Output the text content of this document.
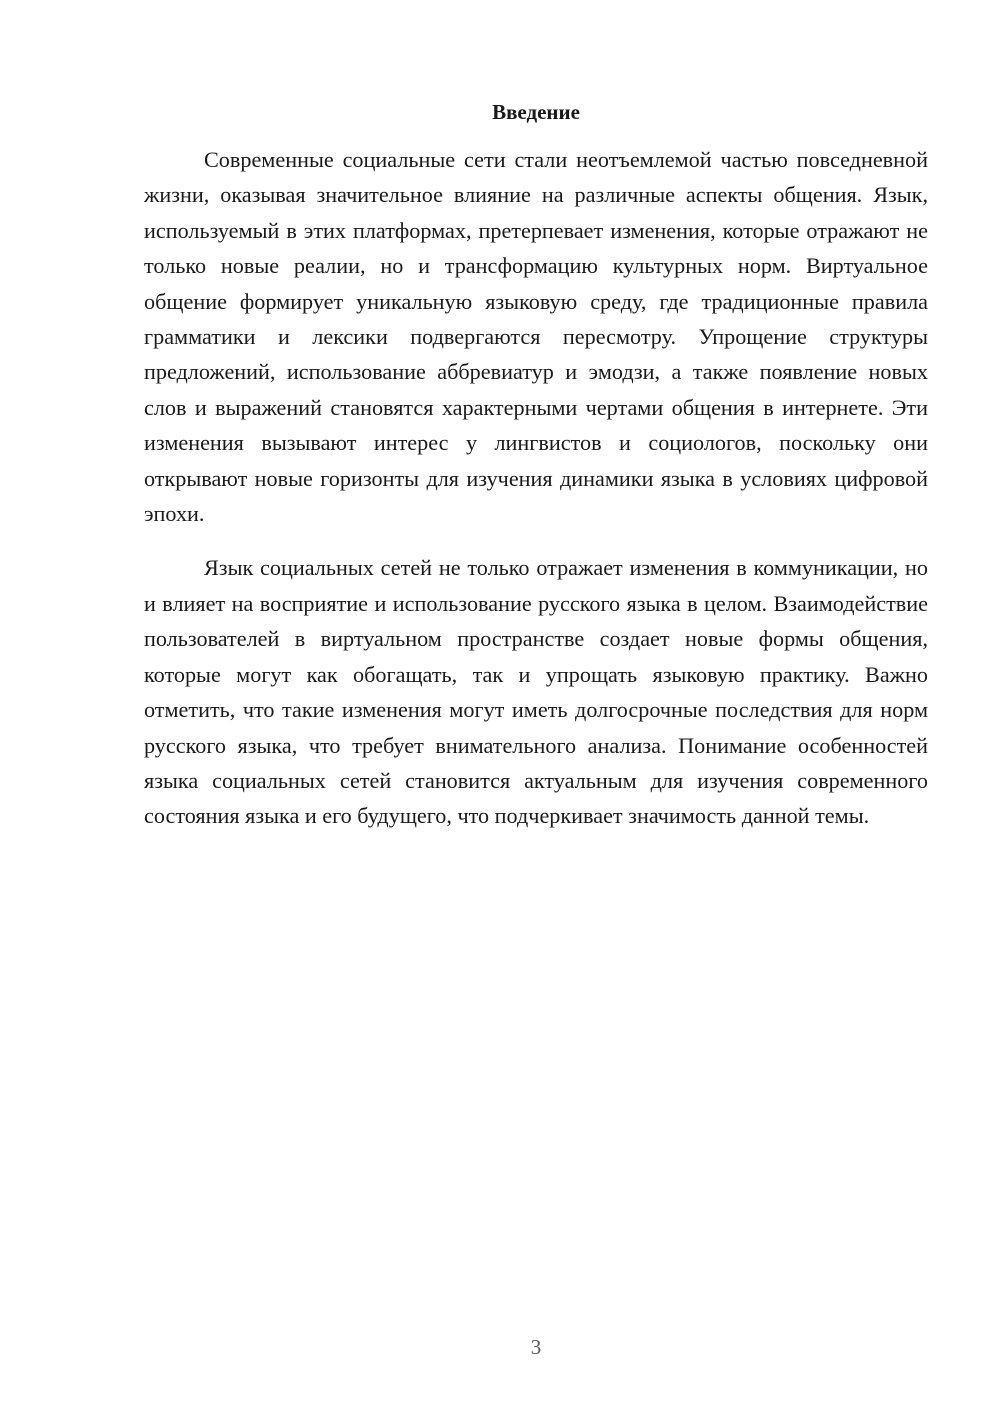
Введение

Современные социальные сети стали неотъемлемой частью повседневной жизни, оказывая значительное влияние на различные аспекты общения. Язык, используемый в этих платформах, претерпевает изменения, которые отражают не только новые реалии, но и трансформацию культурных норм. Виртуальное общение формирует уникальную языковую среду, где традиционные правила грамматики и лексики подвергаются пересмотру. Упрощение структуры предложений, использование аббревиатур и эмодзи, а также появление новых слов и выражений становятся характерными чертами общения в интернете. Эти изменения вызывают интерес у лингвистов и социологов, поскольку они открывают новые горизонты для изучения динамики языка в условиях цифровой эпохи.

Язык социальных сетей не только отражает изменения в коммуникации, но и влияет на восприятие и использование русского языка в целом. Взаимодействие пользователей в виртуальном пространстве создает новые формы общения, которые могут как обогащать, так и упрощать языковую практику. Важно отметить, что такие изменения могут иметь долгосрочные последствия для норм русского языка, что требует внимательного анализа. Понимание особенностей языка социальных сетей становится актуальным для изучения современного состояния языка и его будущего, что подчеркивает значимость данной темы.

3
